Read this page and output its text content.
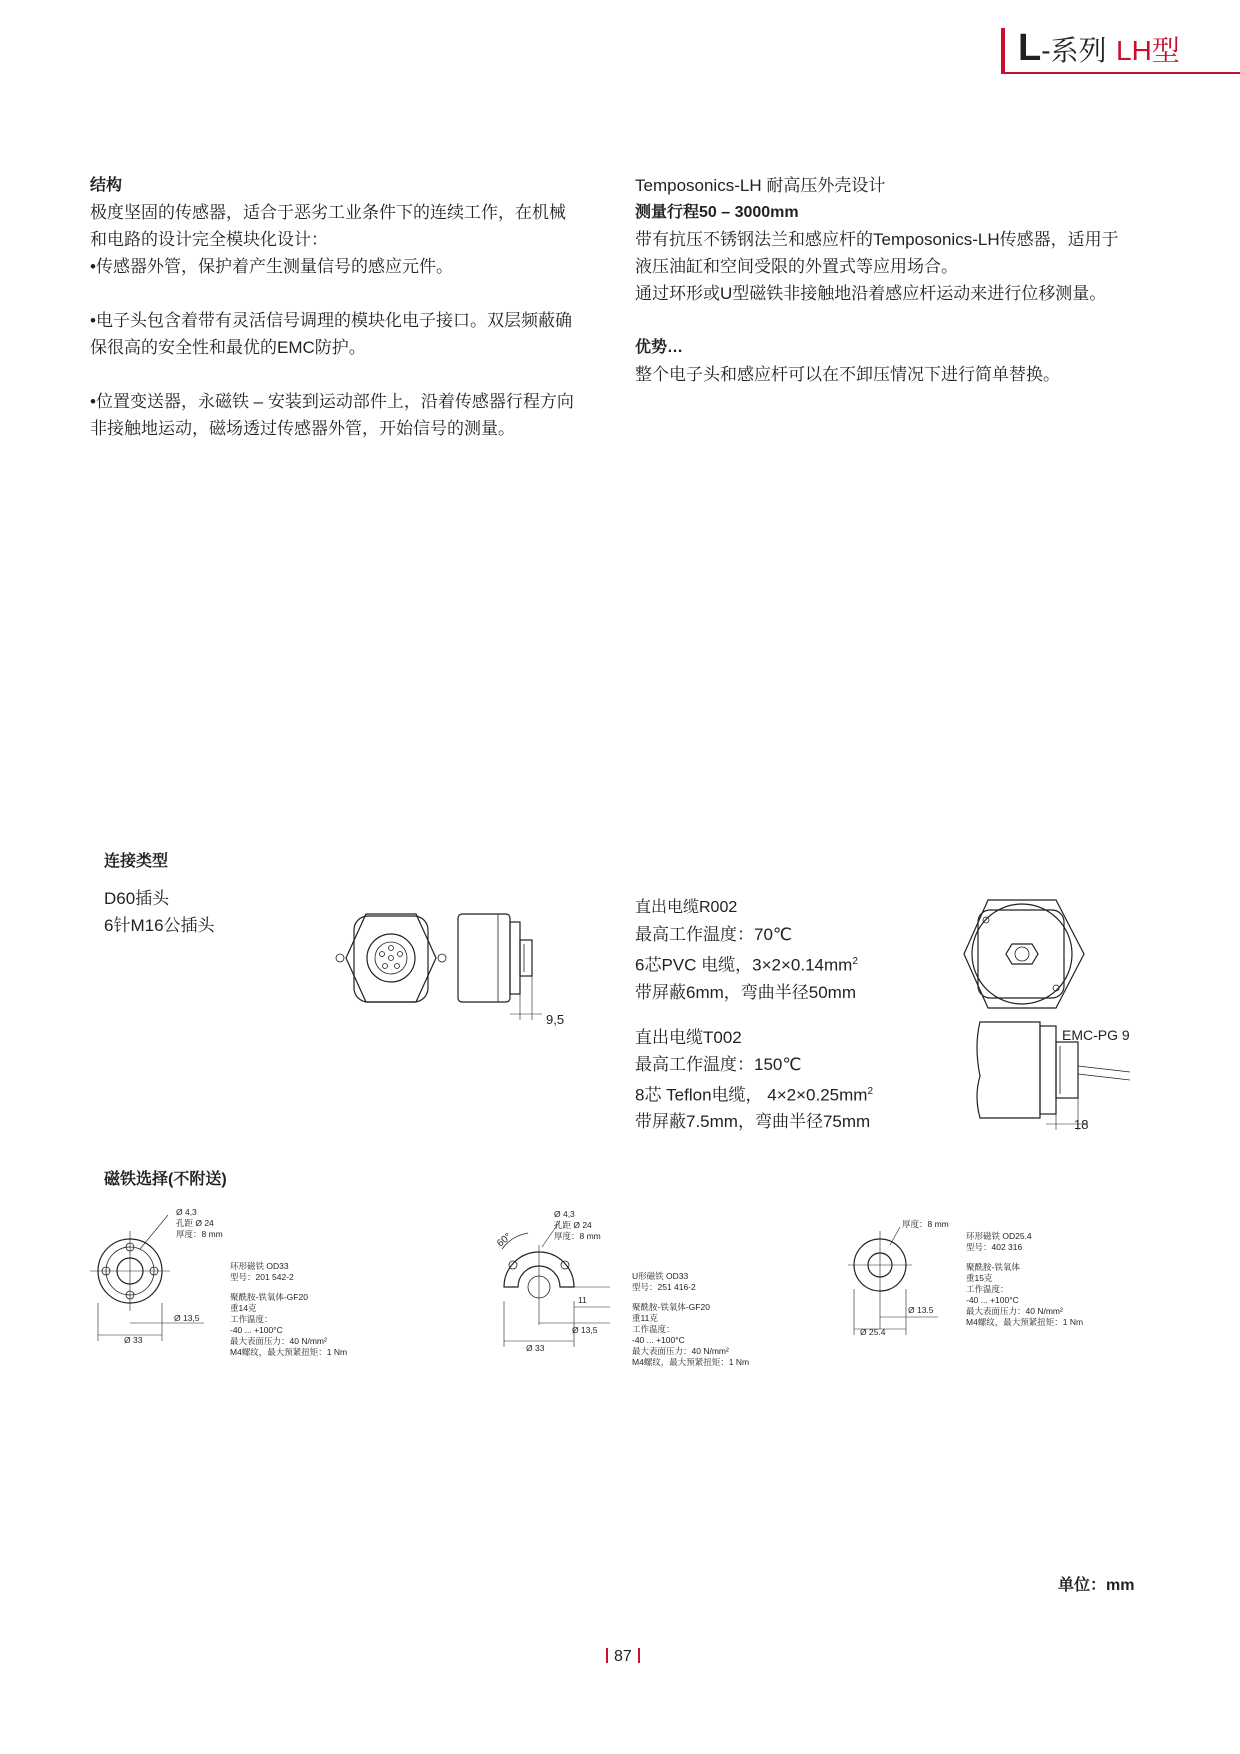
L-系列 LH型

结构

极度坚固的传感器，适合于恶劣工业条件下的连续工作，在机械

和电路的设计完全模块化设计：

•传感器外管，保护着产生测量信号的感应元件。

•电子头包含着带有灵活信号调理的模块化电子接口。双层频蔽确

保很高的安全性和最优的EMC防护。

•位置变送器，永磁铁 – 安装到运动部件上，沿着传感器行程方向

非接触地运动，磁场透过传感器外管，开始信号的测量。

Temposonics-LH 耐高压外壳设计

测量行程50 – 3000mm

带有抗压不锈钢法兰和感应杆的Temposonics-LH传感器，适用于

液压油缸和空间受限的外置式等应用场合。

通过环形或U型磁铁非接触地沿着感应杆运动来进行位移测量。

优势…

整个电子头和感应杆可以在不卸压情况下进行简单替换。

连接类型

D60插头

6针M16公插头

9,5

直出电缆R002

最高工作温度：70℃

6芯PVC 电缆，$3\times 2\times 0.14mm^2$

带屏蔽6mm，弯曲半径50mm

直出电缆T002

最高工作温度：150℃

8芯 Teflon电缆， $4\times 2\times 0.25mm^2$

带屏蔽7.5mm，弯曲半径75mm

EMC-PG 9
18

磁铁选择(不附送)

Ø 4,3
孔距 Ø 24
厚度：8 mm
Ø 13,5
Ø 33
环形磁铁 OD33
型号：201 542-2
聚酰胺-铁氧体-GF20
重14克
工作温度：
-40 ... +100°C
最大表面压力：40 N/mm²
M4螺纹，最大预紧扭矩：1 Nm
Ø 4,3
孔距 Ø 24
厚度：8 mm
60°
11
Ø 13,5
Ø 33
U形磁铁 OD33
型号：251 416-2
聚酰胺-铁氧体-GF20
重11克
工作温度：
-40 ... +100°C
最大表面压力：40 N/mm²
M4螺纹，最大预紧扭矩：1 Nm
厚度：8 mm
Ø 13.5
Ø 25.4
环形磁铁 OD25.4
型号：402 316
聚酰胺-铁氧体
重15克
工作温度：
-40 ... +100°C
最大表面压力：40 N/mm²
M4螺纹，最大预紧扭矩：1 Nm
单位：mm
87
